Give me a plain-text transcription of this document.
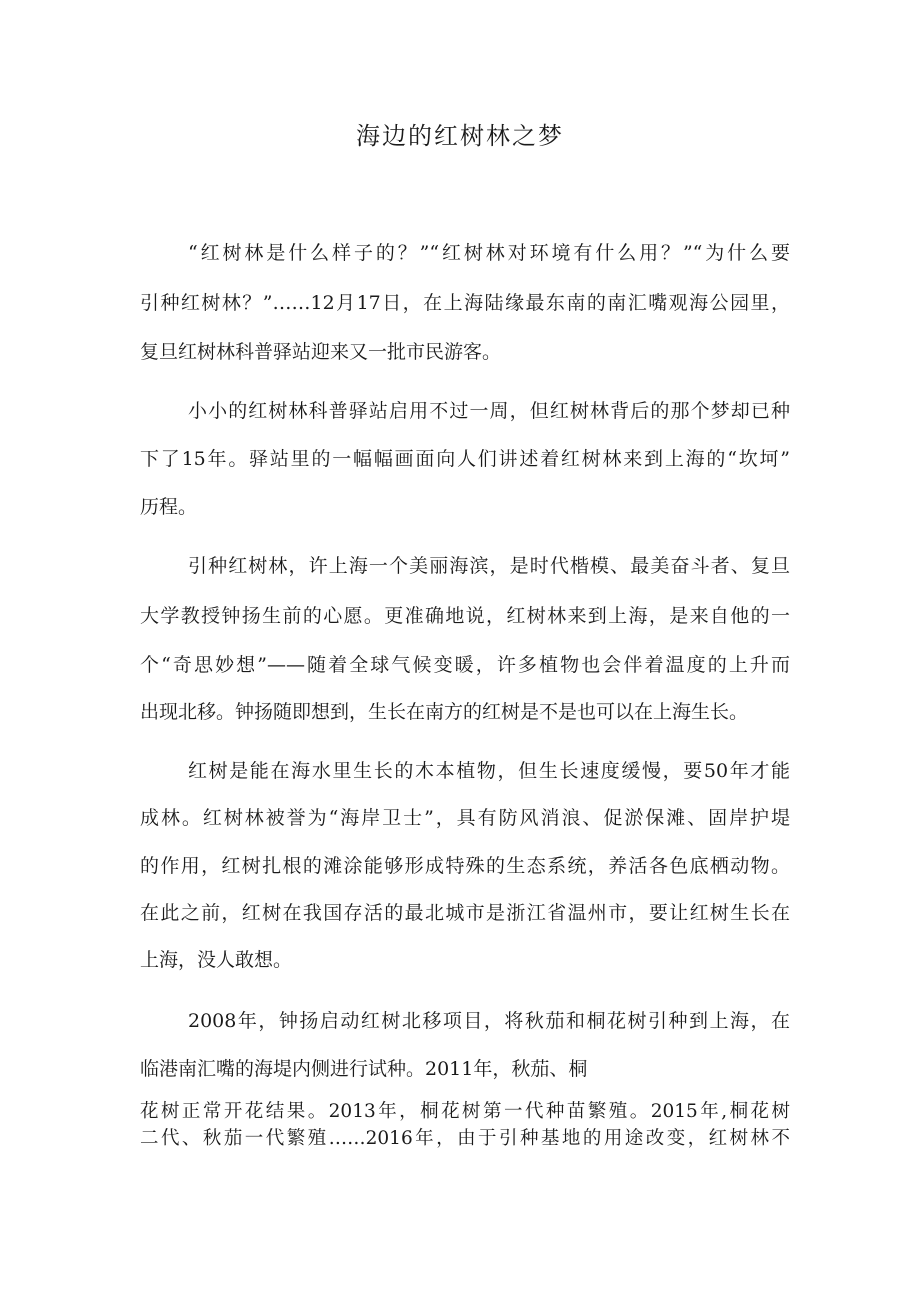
海边的红树林之梦
“红树林是什么样子的？”“红树林对环境有什么用？”“为什么要
引种红树林？”……12月17日，在上海陆缘最东南的南汇嘴观海公园里，
复旦红树林科普驿站迎来又一批市民游客。
小小的红树林科普驿站启用不过一周，但红树林背后的那个梦却已种
下了15年。驿站里的一幅幅画面向人们讲述着红树林来到上海的“坎坷”
历程。
引种红树林，许上海一个美丽海滨，是时代楷模、最美奋斗者、复旦
大学教授钟扬生前的心愿。更准确地说，红树林来到上海，是来自他的一
个“奇思妙想”——随着全球气候变暖，许多植物也会伴着温度的上升而
出现北移。钟扬随即想到，生长在南方的红树是不是也可以在上海生长。
红树是能在海水里生长的木本植物，但生长速度缓慢，要50年才能
成林。红树林被誉为“海岸卫士”，具有防风消浪、促淤保滩、固岸护堤
的作用，红树扎根的滩涂能够形成特殊的生态系统，养活各色底栖动物。
在此之前，红树在我国存活的最北城市是浙江省温州市，要让红树生长在
上海，没人敢想。
2008年，钟扬启动红树北移项目，将秋茄和桐花树引种到上海，在
临港南汇嘴的海堤内侧进行试种。2011年，秋茄、桐
花树正常开花结果。2013年，桐花树第一代种苗繁殖。2015年,桐花树
二代、秋茄一代繁殖……2016年，由于引种基地的用途改变，红树林不
